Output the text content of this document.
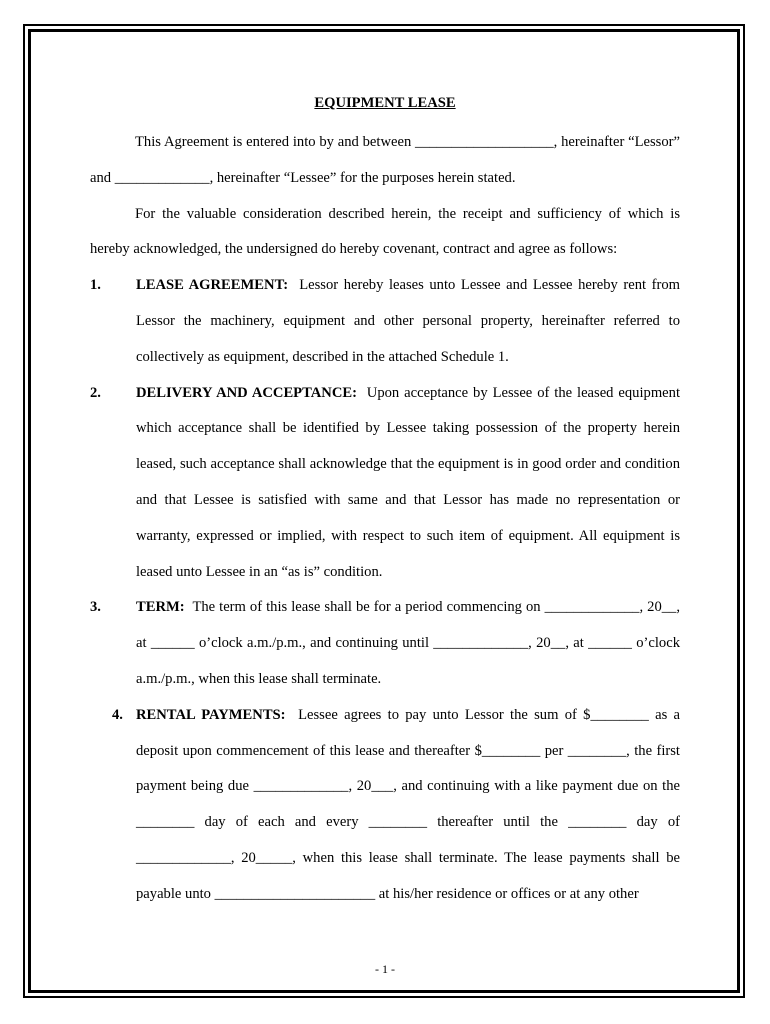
EQUIPMENT LEASE

This Agreement is entered into by and between ___________________, hereinafter “Lessor” and _____________, hereinafter “Lessee” for the purposes herein stated.

For the valuable consideration described herein, the receipt and sufficiency of which is hereby acknowledged, the undersigned do hereby covenant, contract and agree as follows:

1. LEASE AGREEMENT: Lessor hereby leases unto Lessee and Lessee hereby rent from Lessor the machinery, equipment and other personal property, hereinafter referred to collectively as equipment, described in the attached Schedule 1.
2. DELIVERY AND ACCEPTANCE: Upon acceptance by Lessee of the leased equipment which acceptance shall be identified by Lessee taking possession of the property herein leased, such acceptance shall acknowledge that the equipment is in good order and condition and that Lessee is satisfied with same and that Lessor has made no representation or warranty, expressed or implied, with respect to such item of equipment. All equipment is leased unto Lessee in an “as is” condition.
3. TERM: The term of this lease shall be for a period commencing on _____________, 20__, at ______ o’clock a.m./p.m., and continuing until _____________, 20__, at ______ o’clock a.m./p.m., when this lease shall terminate.
4. RENTAL PAYMENTS: Lessee agrees to pay unto Lessor the sum of $________ as a deposit upon commencement of this lease and thereafter $________ per ________, the first payment being due _____________, 20___, and continuing with a like payment due on the ________ day of each and every ________ thereafter until the ________ day of _____________, 20_____, when this lease shall terminate. The lease payments shall be payable unto ______________________ at his/her residence or offices or at any other
- 1 -
